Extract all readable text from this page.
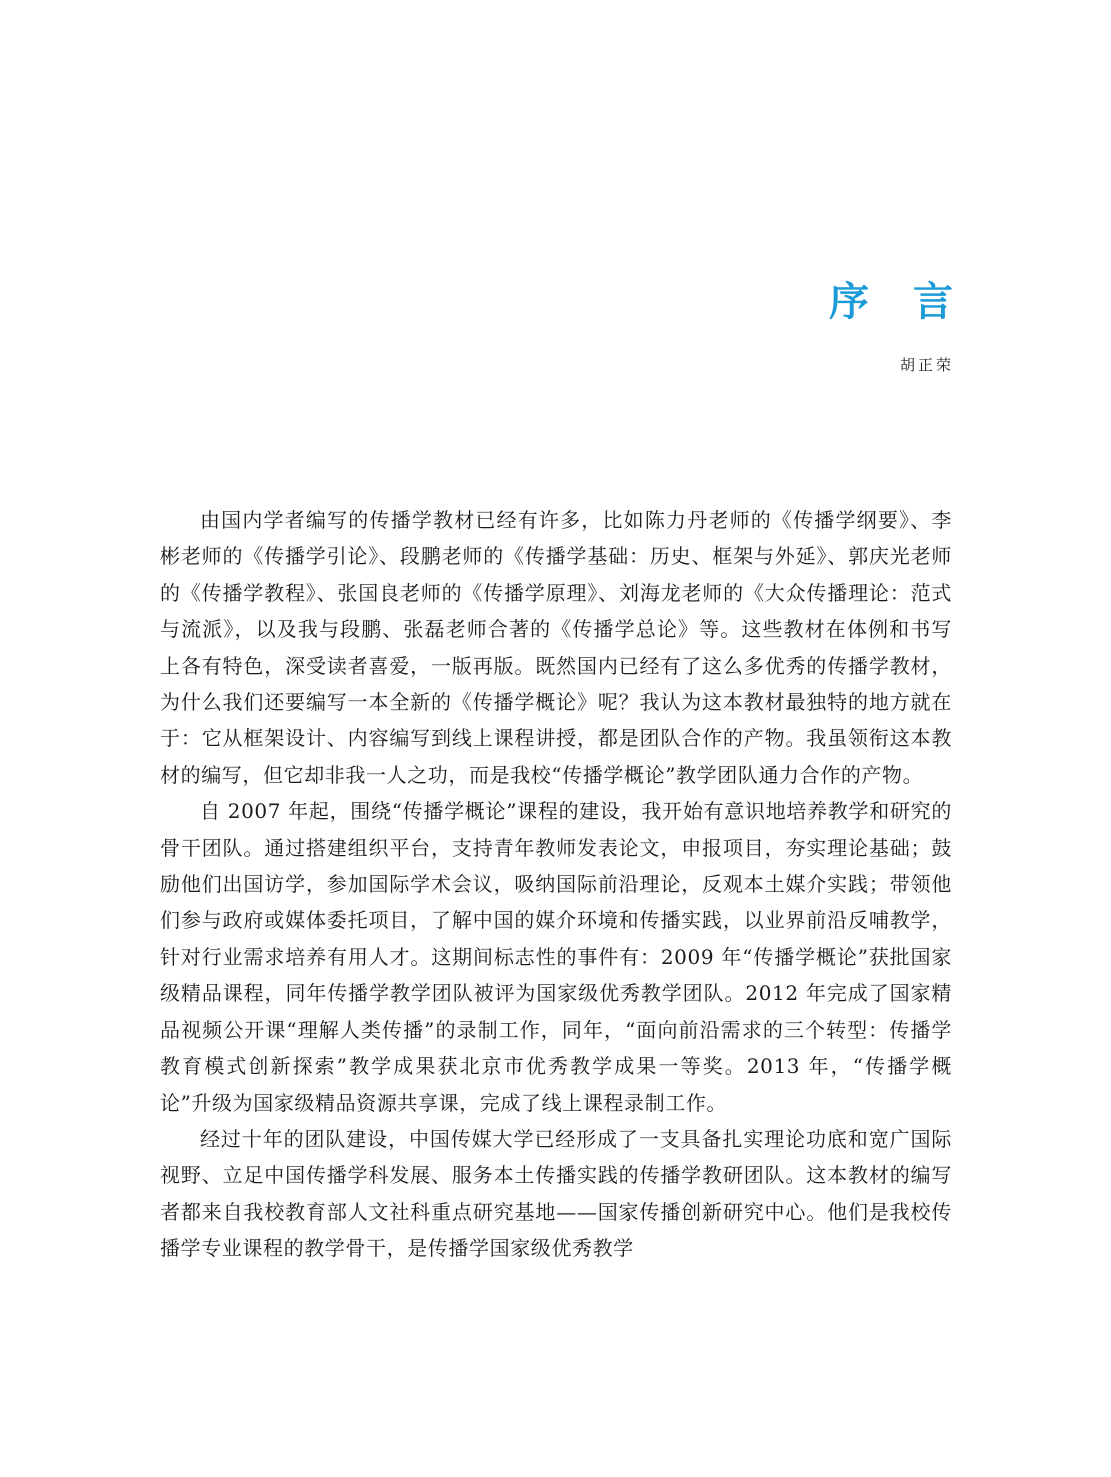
序言

胡正荣

由国内学者编写的传播学教材已经有许多，比如陈力丹老师的《传播学纲要》、李彬老师的《传播学引论》、段鹏老师的《传播学基础：历史、框架与外延》、郭庆光老师的《传播学教程》、张国良老师的《传播学原理》、刘海龙老师的《大众传播理论：范式与流派》，以及我与段鹏、张磊老师合著的《传播学总论》等。这些教材在体例和书写上各有特色，深受读者喜爱，一版再版。既然国内已经有了这么多优秀的传播学教材，为什么我们还要编写一本全新的《传播学概论》呢？我认为这本教材最独特的地方就在于：它从框架设计、内容编写到线上课程讲授，都是团队合作的产物。我虽领衔这本教材的编写，但它却非我一人之功，而是我校“传播学概论”教学团队通力合作的产物。

自 2007 年起，围绕“传播学概论”课程的建设，我开始有意识地培养教学和研究的骨干团队。通过搭建组织平台，支持青年教师发表论文，申报项目，夯实理论基础；鼓励他们出国访学，参加国际学术会议，吸纳国际前沿理论，反观本土媒介实践；带领他们参与政府或媒体委托项目，了解中国的媒介环境和传播实践，以业界前沿反哺教学，针对行业需求培养有用人才。这期间标志性的事件有：2009 年“传播学概论”获批国家级精品课程，同年传播学教学团队被评为国家级优秀教学团队。2012 年完成了国家精品视频公开课“理解人类传播”的录制工作，同年，“面向前沿需求的三个转型：传播学教育模式创新探索”教学成果获北京市优秀教学成果一等奖。2013 年，“传播学概论”升级为国家级精品资源共享课，完成了线上课程录制工作。

经过十年的团队建设，中国传媒大学已经形成了一支具备扎实理论功底和宽广国际视野、立足中国传播学科发展、服务本土传播实践的传播学教研团队。这本教材的编写者都来自我校教育部人文社科重点研究基地——国家传播创新研究中心。他们是我校传播学专业课程的教学骨干，是传播学国家级优秀教学
